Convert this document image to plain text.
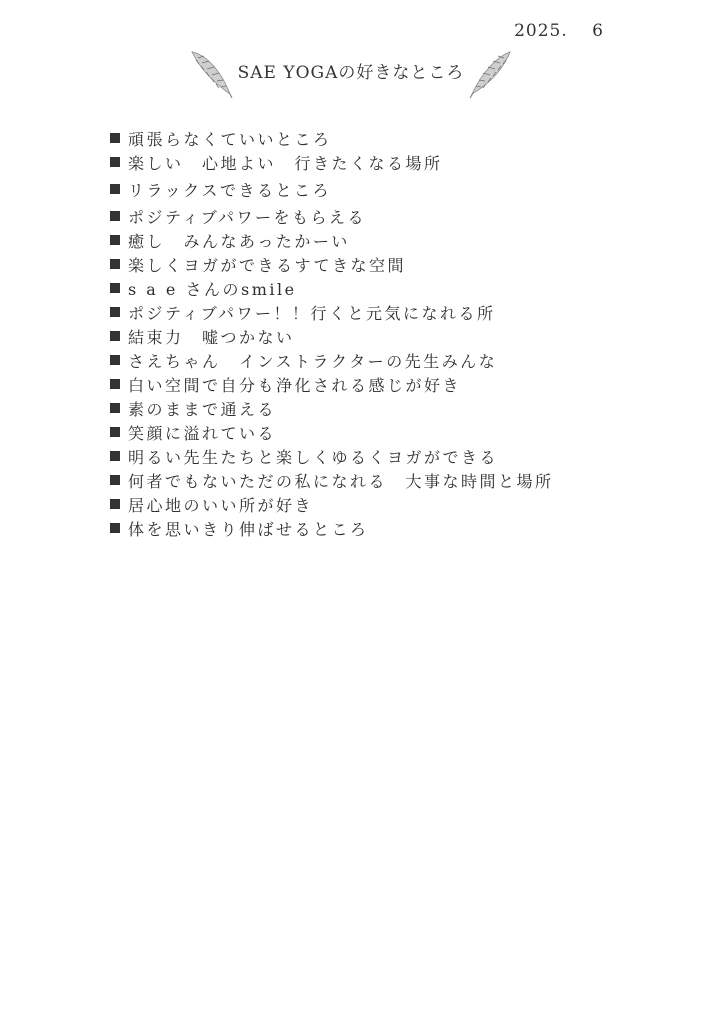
2025.　 6
SAE YOGAの好きなところ
頑張らなくていいところ
楽しい　心地よい　行きたくなる場所
リラックスできるところ
ポジティブパワーをもらえる
癒し　みんなあったかーい
楽しくヨガができるすてきな空間
s a e さんのsmile
ポジティブパワー！！行くと元気になれる所
結束力　嘘つかない
さえちゃん　インストラクターの先生みんな
白い空間で自分も浄化される感じが好き
素のままで通える
笑顔に溢れている
明るい先生たちと楽しくゆるくヨガができる
何者でもないただの私になれる　大事な時間と場所
居心地のいい所が好き
体を思いきり伸ばせるところ
